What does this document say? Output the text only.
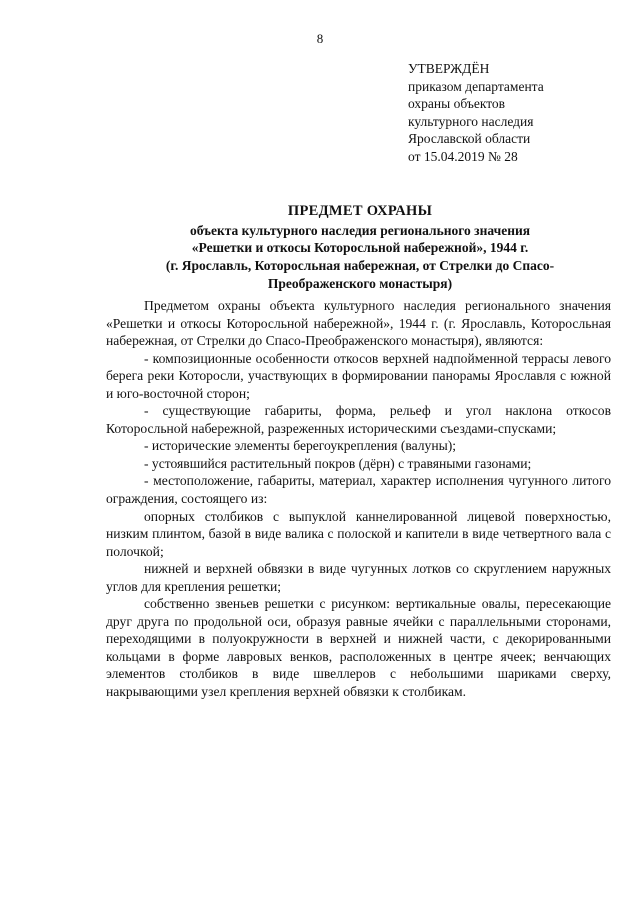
8
УТВЕРЖДЁН
приказом департамента
охраны объектов
культурного наследия
Ярославской области
от 15.04.2019 № 28
ПРЕДМЕТ ОХРАНЫ
объекта культурного наследия регионального значения
«Решетки и откосы Которосльной набережной», 1944 г.
(г. Ярославль, Которосльная набережная, от Стрелки до Спасо-
Преображенского монастыря)
Предметом охраны объекта культурного наследия регионального значения «Решетки и откосы Которосльной набережной», 1944 г. (г. Ярославль, Которосльная набережная, от Стрелки до Спасо-Преображенского монастыря), являются:
- композиционные особенности откосов верхней надпойменной террасы левого берега реки Которосли, участвующих в формировании панорамы Ярославля с южной и юго-восточной сторон;
- существующие габариты, форма, рельеф и угол наклона откосов Которосльной набережной, разреженных историческими съездами-спусками;
- исторические элементы берегоукрепления (валуны);
- устоявшийся растительный покров (дёрн) с травяными газонами;
- местоположение, габариты, материал, характер исполнения чугунного литого ограждения, состоящего из:
опорных столбиков с выпуклой каннелированной лицевой поверхностью, низким плинтом, базой в виде валика с полоской и капители в виде четвертного вала с полочкой;
нижней и верхней обвязки в виде чугунных лотков со скруглением наружных углов для крепления решетки;
собственно звеньев решетки с рисунком: вертикальные овалы, пересекающие друг друга по продольной оси, образуя равные ячейки с параллельными сторонами, переходящими в полуокружности в верхней и нижней части, с декорированными кольцами в форме лавровых венков, расположенных в центре ячеек; венчающих элементов столбиков в виде швеллеров с небольшими шариками сверху, накрывающими узел крепления верхней обвязки к столбикам.
